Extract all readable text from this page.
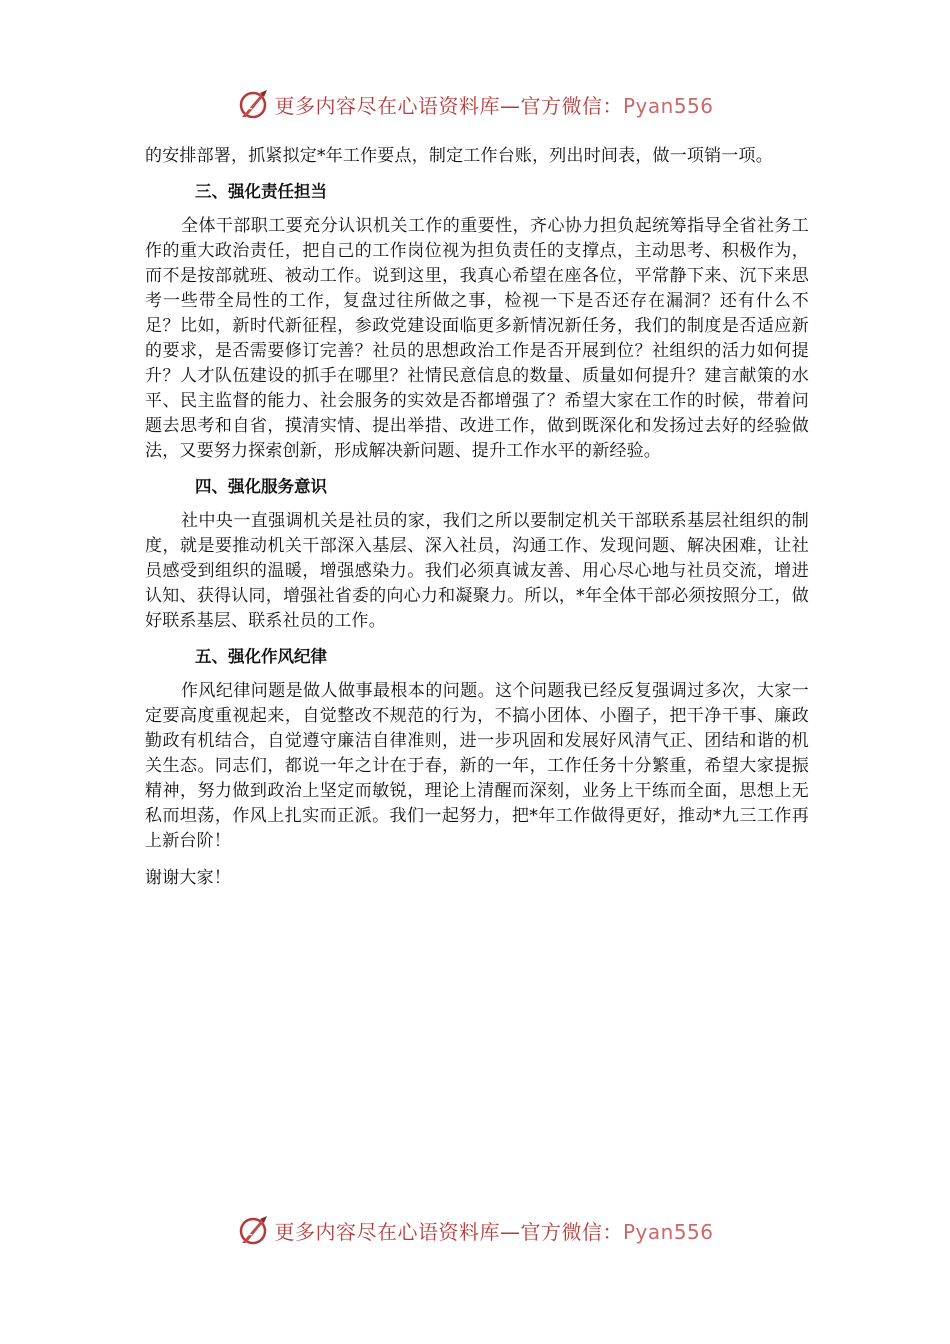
更多内容尽在心语资料库—官方微信：Pyan556

的安排部署，抓紧拟定*年工作要点，制定工作台账，列出时间表，做一项销一项。

三、强化责任担当

全体干部职工要充分认识机关工作的重要性，齐心协力担负起统筹指导全省社务工作的重大政治责任，把自己的工作岗位视为担负责任的支撑点，主动思考、积极作为，而不是按部就班、被动工作。说到这里，我真心希望在座各位，平常静下来、沉下来思考一些带全局性的工作，复盘过往所做之事，检视一下是否还存在漏洞？还有什么不足？比如，新时代新征程，参政党建设面临更多新情况新任务，我们的制度是否适应新的要求，是否需要修订完善？社员的思想政治工作是否开展到位？社组织的活力如何提升？人才队伍建设的抓手在哪里？社情民意信息的数量、质量如何提升？建言献策的水平、民主监督的能力、社会服务的实效是否都增强了？希望大家在工作的时候，带着问题去思考和自省，摸清实情、提出举措、改进工作，做到既深化和发扬过去好的经验做法，又要努力探索创新，形成解决新问题、提升工作水平的新经验。

四、强化服务意识

社中央一直强调机关是社员的家，我们之所以要制定机关干部联系基层社组织的制度，就是要推动机关干部深入基层、深入社员，沟通工作、发现问题、解决困难，让社员感受到组织的温暖，增强感染力。我们必须真诚友善、用心尽心地与社员交流，增进认知、获得认同，增强社省委的向心力和凝聚力。所以，*年全体干部必须按照分工，做好联系基层、联系社员的工作。

五、强化作风纪律

作风纪律问题是做人做事最根本的问题。这个问题我已经反复强调过多次，大家一定要高度重视起来，自觉整改不规范的行为，不搞小团体、小圈子，把干净干事、廉政勤政有机结合，自觉遵守廉洁自律准则，进一步巩固和发展好风清气正、团结和谐的机关生态。同志们，都说一年之计在于春，新的一年，工作任务十分繁重，希望大家提振精神，努力做到政治上坚定而敏锐，理论上清醒而深刻，业务上干练而全面，思想上无私而坦荡，作风上扎实而正派。我们一起努力，把*年工作做得更好，推动*九三工作再上新台阶！

谢谢大家！

更多内容尽在心语资料库—官方微信：Pyan556
